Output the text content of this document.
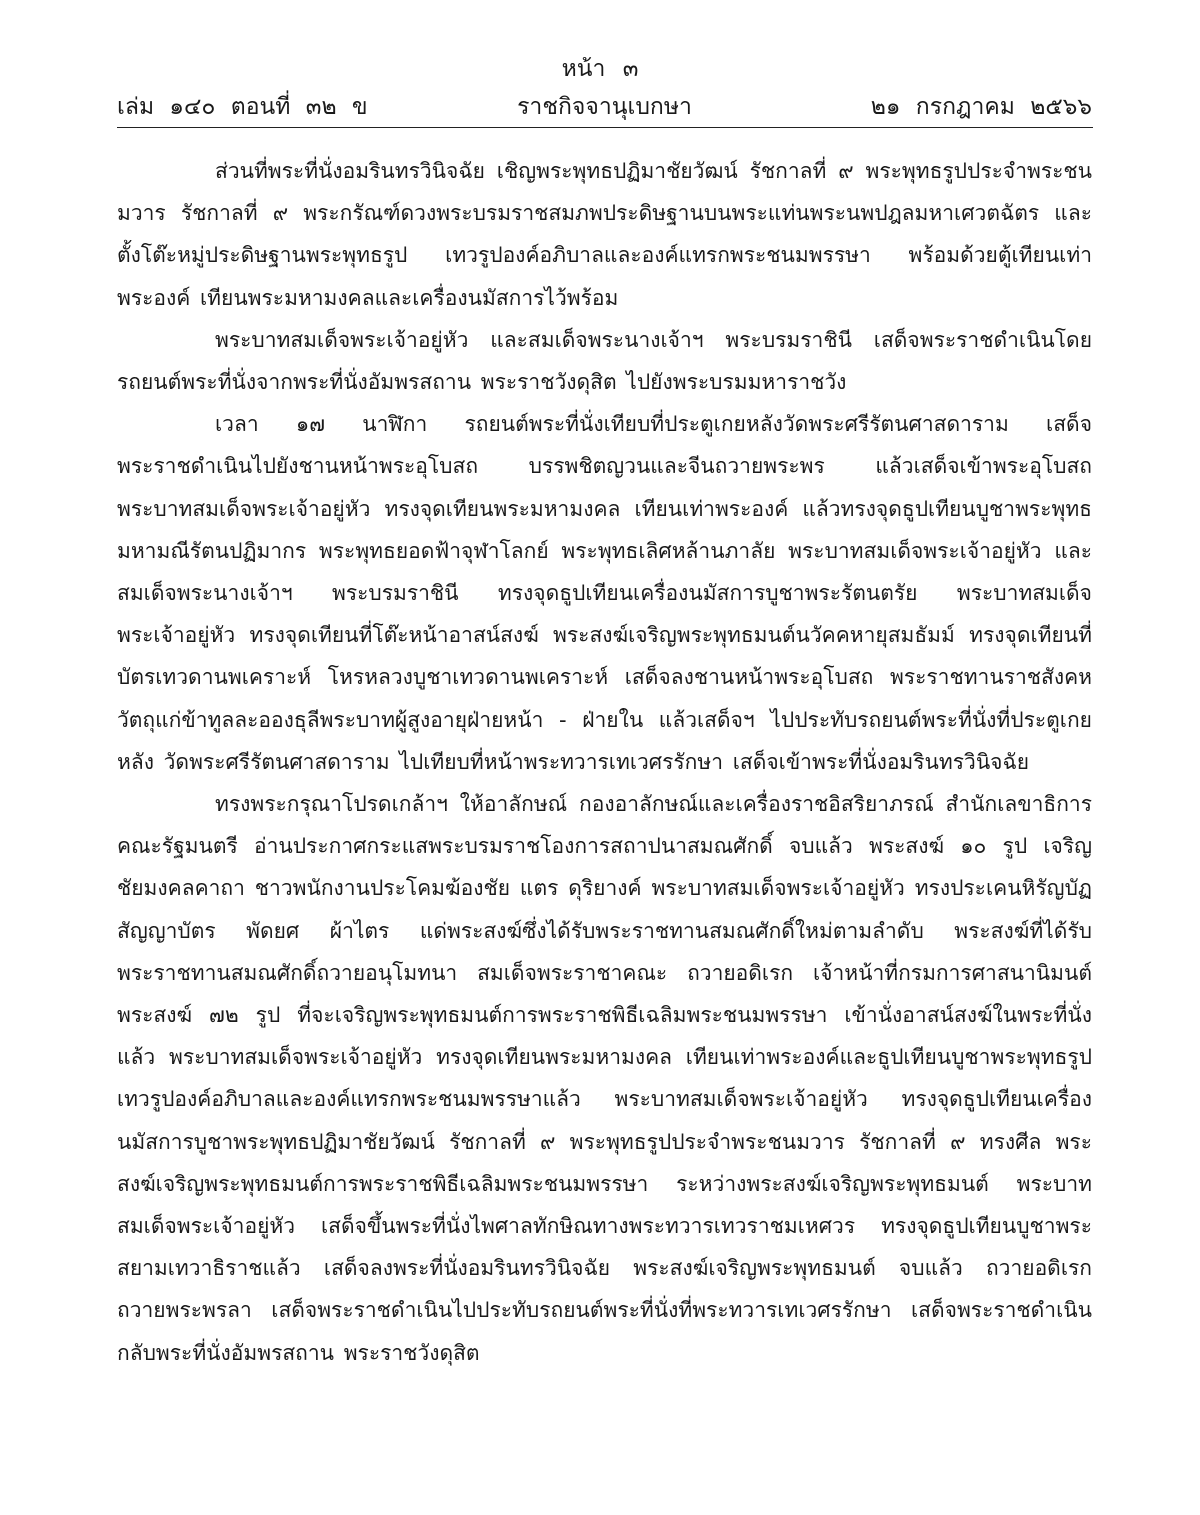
หน้า ๓
เล่ม ๑๔๐ ตอนที่ ๓๒ ข	ราชกิจจานุเบกษา	๒๑ กรกฎาคม ๒๕๖๖

ส่วนที่พระที่นั่งอมรินทรวินิจฉัย เชิญพระพุทธปฏิมาชัยวัฒน์ รัชกาลที่ ๙ พระพุทธรูปประจำพระชนมวาร รัชกาลที่ ๙ พระกรัณฑ์ดวงพระบรมราชสมภพประดิษฐานบนพระแท่นพระนพปฎลมหาเศวตฉัตร และตั้งโต๊ะหมู่ประดิษฐานพระพุทธรูป เทวรูปองค์อภิบาลและองค์แทรกพระชนมพรรษา พร้อมด้วยตู้เทียนเท่าพระองค์ เทียนพระมหามงคลและเครื่องนมัสการไว้พร้อม

พระบาทสมเด็จพระเจ้าอยู่หัว และสมเด็จพระนางเจ้าฯ พระบรมราชินี เสด็จพระราชดำเนินโดยรถยนต์พระที่นั่งจากพระที่นั่งอัมพรสถาน พระราชวังดุสิต ไปยังพระบรมมหาราชวัง

เวลา ๑๗ นาฬิกา รถยนต์พระที่นั่งเทียบที่ประตูเกยหลังวัดพระศรีรัตนศาสดาราม เสด็จพระราชดำเนินไปยังชานหน้าพระอุโบสถ บรรพชิตญวนและจีนถวายพระพร แล้วเสด็จเข้าพระอุโบสถ พระบาทสมเด็จพระเจ้าอยู่หัว ทรงจุดเทียนพระมหามงคล เทียนเท่าพระองค์ แล้วทรงจุดธูปเทียนบูชาพระพุทธมหามณีรัตนปฏิมากร พระพุทธยอดฟ้าจุฬาโลกย์ พระพุทธเลิศหล้านภาลัย พระบาทสมเด็จพระเจ้าอยู่หัว และสมเด็จพระนางเจ้าฯ พระบรมราชินี ทรงจุดธูปเทียนเครื่องนมัสการบูชาพระรัตนตรัย พระบาทสมเด็จพระเจ้าอยู่หัว ทรงจุดเทียนที่โต๊ะหน้าอาสน์สงฆ์ พระสงฆ์เจริญพระพุทธมนต์นวัคคหายุสมธัมม์ ทรงจุดเทียนที่บัตรเทวดานพเคราะห์ โหรหลวงบูชาเทวดานพเคราะห์ เสด็จลงชานหน้าพระอุโบสถ พระราชทานราชสังคหวัตถุแก่ข้าทูลละอองธุลีพระบาทผู้สูงอายุฝ่ายหน้า - ฝ่ายใน แล้วเสด็จฯ ไปประทับรถยนต์พระที่นั่งที่ประตูเกยหลัง วัดพระศรีรัตนศาสดาราม ไปเทียบที่หน้าพระทวารเทเวศรรักษา เสด็จเข้าพระที่นั่งอมรินทรวินิจฉัย

ทรงพระกรุณาโปรดเกล้าฯ ให้อาลักษณ์ กองอาลักษณ์และเครื่องราชอิสริยาภรณ์ สำนักเลขาธิการคณะรัฐมนตรี อ่านประกาศกระแสพระบรมราชโองการสถาปนาสมณศักดิ์ จบแล้ว พระสงฆ์ ๑๐ รูป เจริญชัยมงคลคาถา ชาวพนักงานประโคมฆ้องชัย แตร ดุริยางค์ พระบาทสมเด็จพระเจ้าอยู่หัว ทรงประเคนหิรัญบัฏ สัญญาบัตร พัดยศ ผ้าไตร แด่พระสงฆ์ซึ่งได้รับพระราชทานสมณศักดิ์ใหม่ตามลำดับ พระสงฆ์ที่ได้รับพระราชทานสมณศักดิ์ถวายอนุโมทนา สมเด็จพระราชาคณะ ถวายอดิเรก เจ้าหน้าที่กรมการศาสนานิมนต์พระสงฆ์ ๗๒ รูป ที่จะเจริญพระพุทธมนต์การพระราชพิธีเฉลิมพระชนมพรรษา เข้านั่งอาสน์สงฆ์ในพระที่นั่งแล้ว พระบาทสมเด็จพระเจ้าอยู่หัว ทรงจุดเทียนพระมหามงคล เทียนเท่าพระองค์และธูปเทียนบูชาพระพุทธรูป เทวรูปองค์อภิบาลและองค์แทรกพระชนมพรรษาแล้ว พระบาทสมเด็จพระเจ้าอยู่หัว ทรงจุดธูปเทียนเครื่องนมัสการบูชาพระพุทธปฏิมาชัยวัฒน์ รัชกาลที่ ๙ พระพุทธรูปประจำพระชนมวาร รัชกาลที่ ๙ ทรงศีล พระสงฆ์เจริญพระพุทธมนต์การพระราชพิธีเฉลิมพระชนมพรรษา ระหว่างพระสงฆ์เจริญพระพุทธมนต์ พระบาทสมเด็จพระเจ้าอยู่หัว เสด็จขึ้นพระที่นั่งไพศาลทักษิณทางพระทวารเทวราชมเหศวร ทรงจุดธูปเทียนบูชาพระสยามเทวาธิราชแล้ว เสด็จลงพระที่นั่งอมรินทรวินิจฉัย พระสงฆ์เจริญพระพุทธมนต์ จบแล้ว ถวายอดิเรก ถวายพระพรลา เสด็จพระราชดำเนินไปประทับรถยนต์พระที่นั่งที่พระทวารเทเวศรรักษา เสด็จพระราชดำเนินกลับพระที่นั่งอัมพรสถาน พระราชวังดุสิต
